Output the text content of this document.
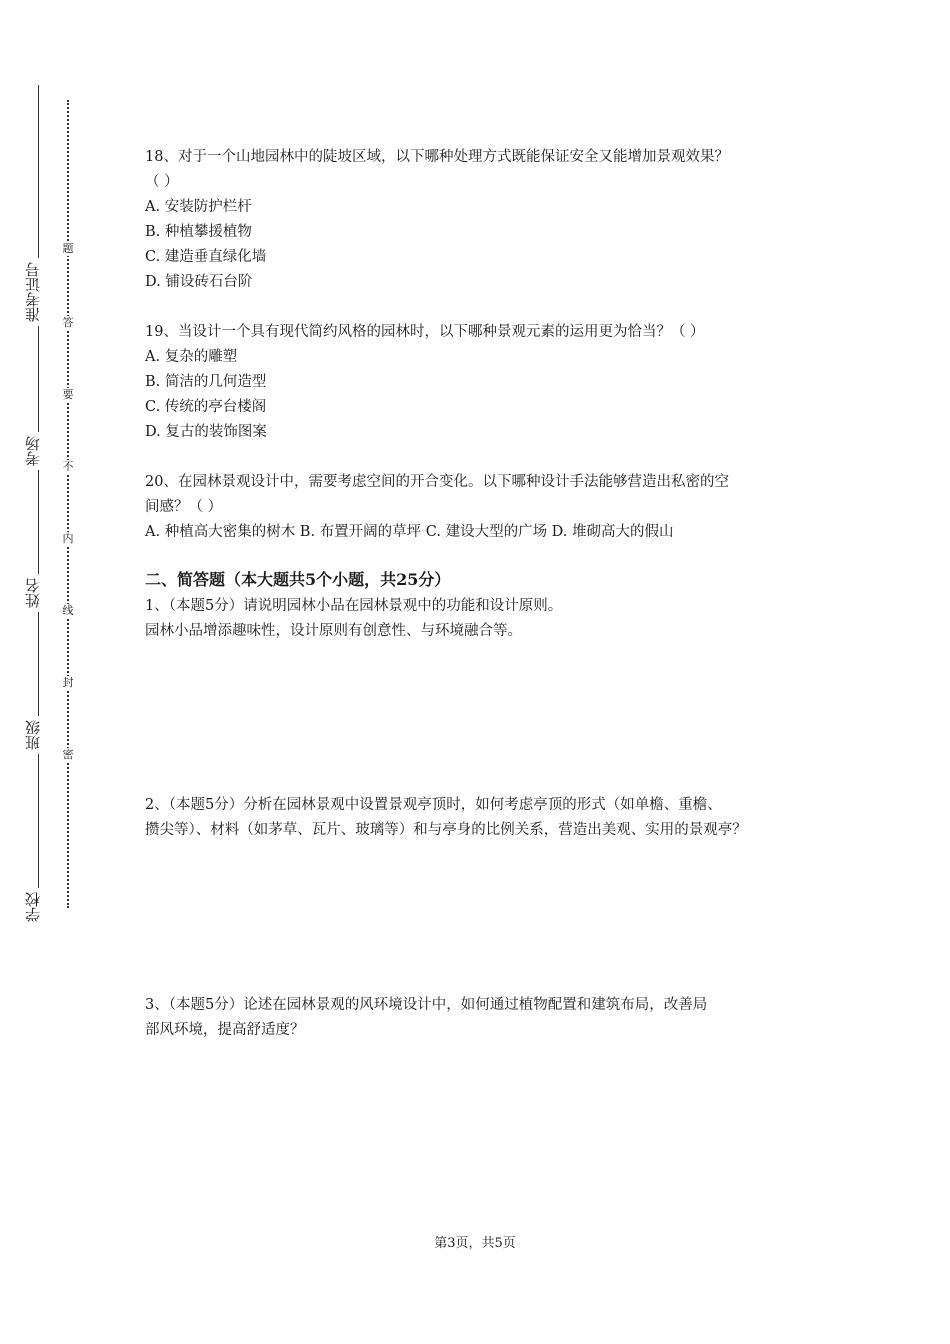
准考证号
考场
姓名
班级
学校
题
答
要
不
内
线
封
密
18、对于一个山地园林中的陡坡区域，以下哪种处理方式既能保证安全又能增加景观效果？
（ ）
A. 安装防护栏杆
B. 种植攀援植物
C. 建造垂直绿化墙
D. 铺设砖石台阶
19、当设计一个具有现代简约风格的园林时，以下哪种景观元素的运用更为恰当？（ ）
A. 复杂的雕塑
B. 简洁的几何造型
C. 传统的亭台楼阁
D. 复古的装饰图案
20、在园林景观设计中，需要考虑空间的开合变化。以下哪种设计手法能够营造出私密的空
间感？（ ）
A. 种植高大密集的树木 B. 布置开阔的草坪 C. 建设大型的广场 D. 堆砌高大的假山
二、简答题（本大题共5个小题，共25分）
1、（本题5分）请说明园林小品在园林景观中的功能和设计原则。
园林小品增添趣味性，设计原则有创意性、与环境融合等。
2、（本题5分）分析在园林景观中设置景观亭顶时，如何考虑亭顶的形式（如单檐、重檐、
攒尖等）、材料（如茅草、瓦片、玻璃等）和与亭身的比例关系，营造出美观、实用的景观亭？
3、（本题5分）论述在园林景观的风环境设计中，如何通过植物配置和建筑布局，改善局
部风环境，提高舒适度？
第3页，共5页
